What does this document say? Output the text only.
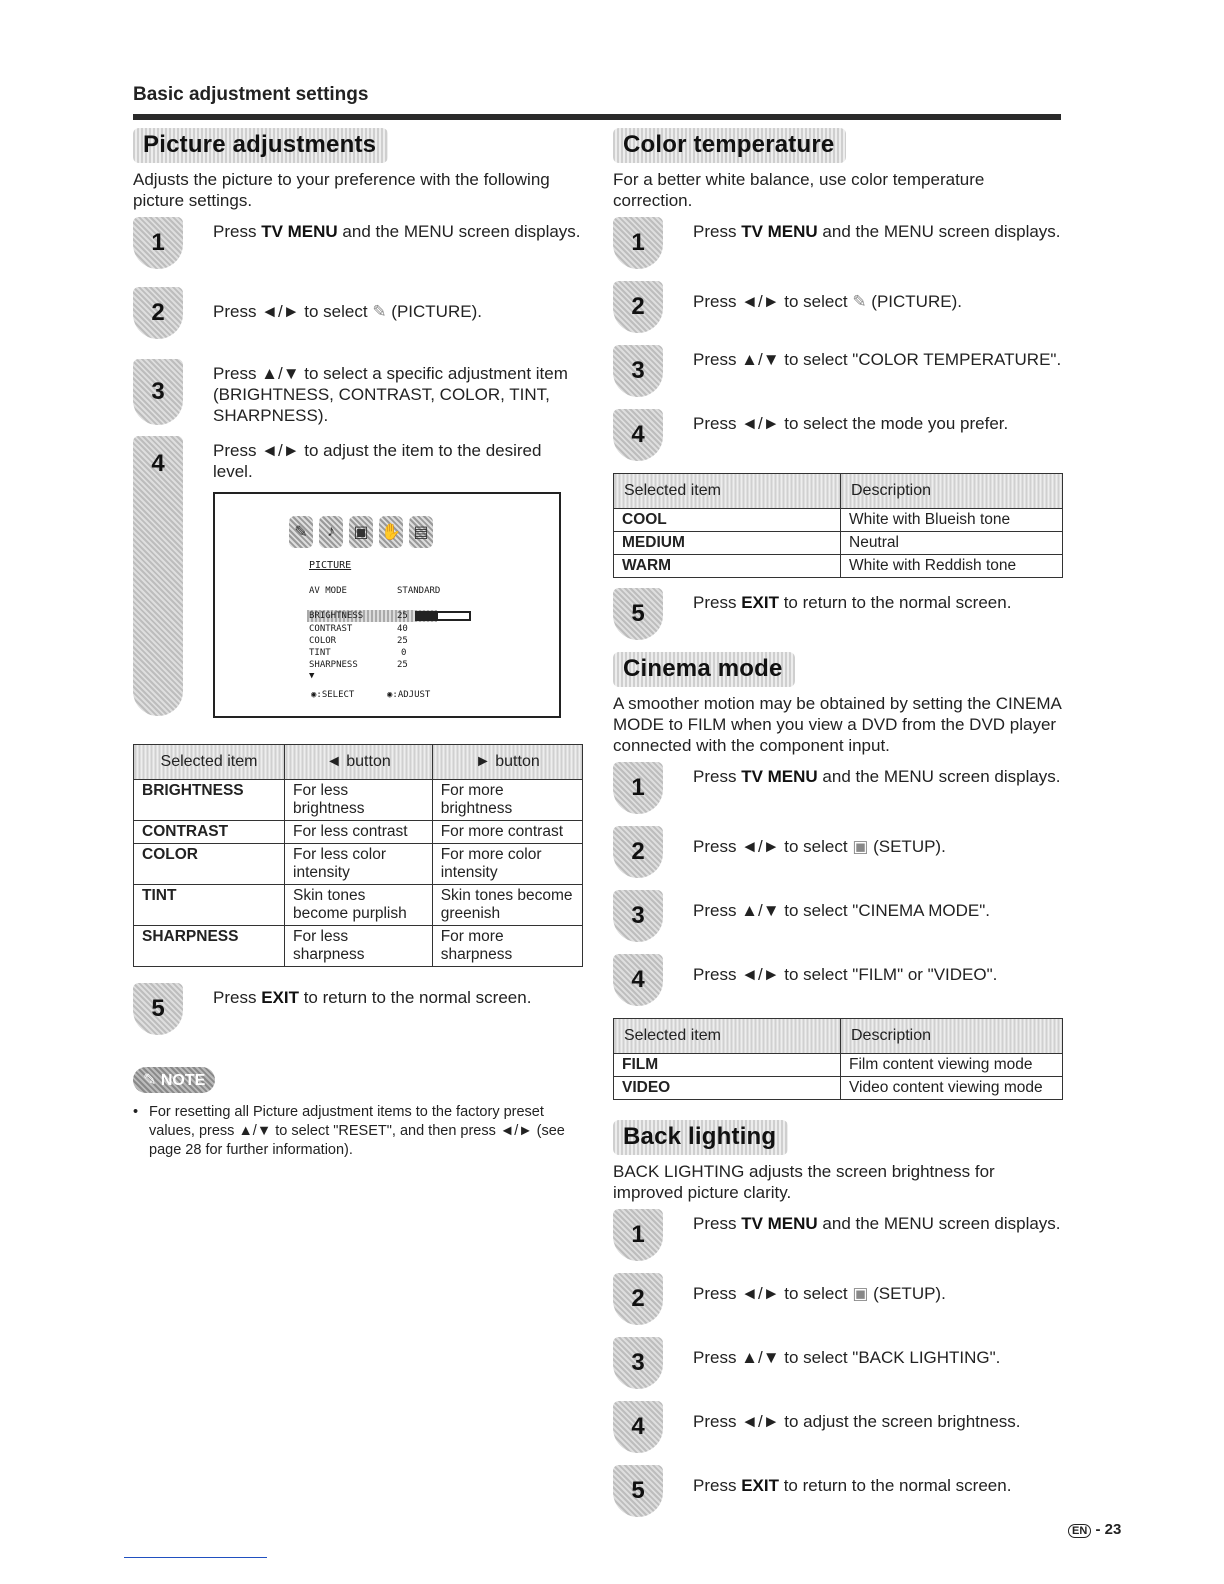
Basic adjustment settings
Picture adjustments

Adjusts the picture to your preference with the following picture settings.

1	Press TV MENU and the MENU screen displays.
2	Press ◄/► to select ✎ (PICTURE).
3
Press ▲/▼ to select a specific adjustment item (BRIGHTNESS, CONTRAST, COLOR, TINT, SHARPNESS).
4	Press ◄/► to adjust the item to the desired level.
✎	♪	▣ ✋ ▤
PICTURE
AV MODE	STANDARD
BRIGHTNESS	25
CONTRAST	40
COLOR	25
TINT	0
SHARPNESS	25
▼
◉:SELECT	◉:ADJUST
Selected item	◄ button	► button
BRIGHTNESS	For less brightness	For more brightness
CONTRAST	For less contrast	For more contrast
COLOR	For less color intensity	For more color intensity
TINT	Skin tones become purplish	Skin tones become greenish
SHARPNESS	For less sharpness	For more sharpness
5	Press EXIT to return to the normal screen.
✎ NOTE
• For resetting all Picture adjustment items to the factory preset values, press ▲/▼ to select "RESET", and then press ◄/► (see page 28 for further information).
Color temperature

For a better white balance, use color temperature correction.

1	Press TV MENU and the MENU screen displays.
2	Press ◄/► to select ✎ (PICTURE).
3	Press ▲/▼ to select "COLOR TEMPERATURE".
4	Press ◄/► to select the mode you prefer.
Selected item	Description
COOL	White with Blueish tone
MEDIUM	Neutral
WARM	White with Reddish tone
5	Press EXIT to return to the normal screen.
Cinema mode

A smoother motion may be obtained by setting the CINEMA MODE to FILM when you view a DVD from the DVD player connected with the component input.

1	Press TV MENU and the MENU screen displays.
2	Press ◄/► to select ▣ (SETUP).
3	Press ▲/▼ to select "CINEMA MODE".
4	Press ◄/► to select "FILM" or "VIDEO".
Selected item	Description
FILM	Film content viewing mode
VIDEO	Video content viewing mode
Back lighting

BACK LIGHTING adjusts the screen brightness for improved picture clarity.

1	Press TV MENU and the MENU screen displays.
2	Press ◄/► to select ▣ (SETUP).
3	Press ▲/▼ to select "BACK LIGHTING".
4	Press ◄/► to adjust the screen brightness.
5	Press EXIT to return to the normal screen.
EN - 23
